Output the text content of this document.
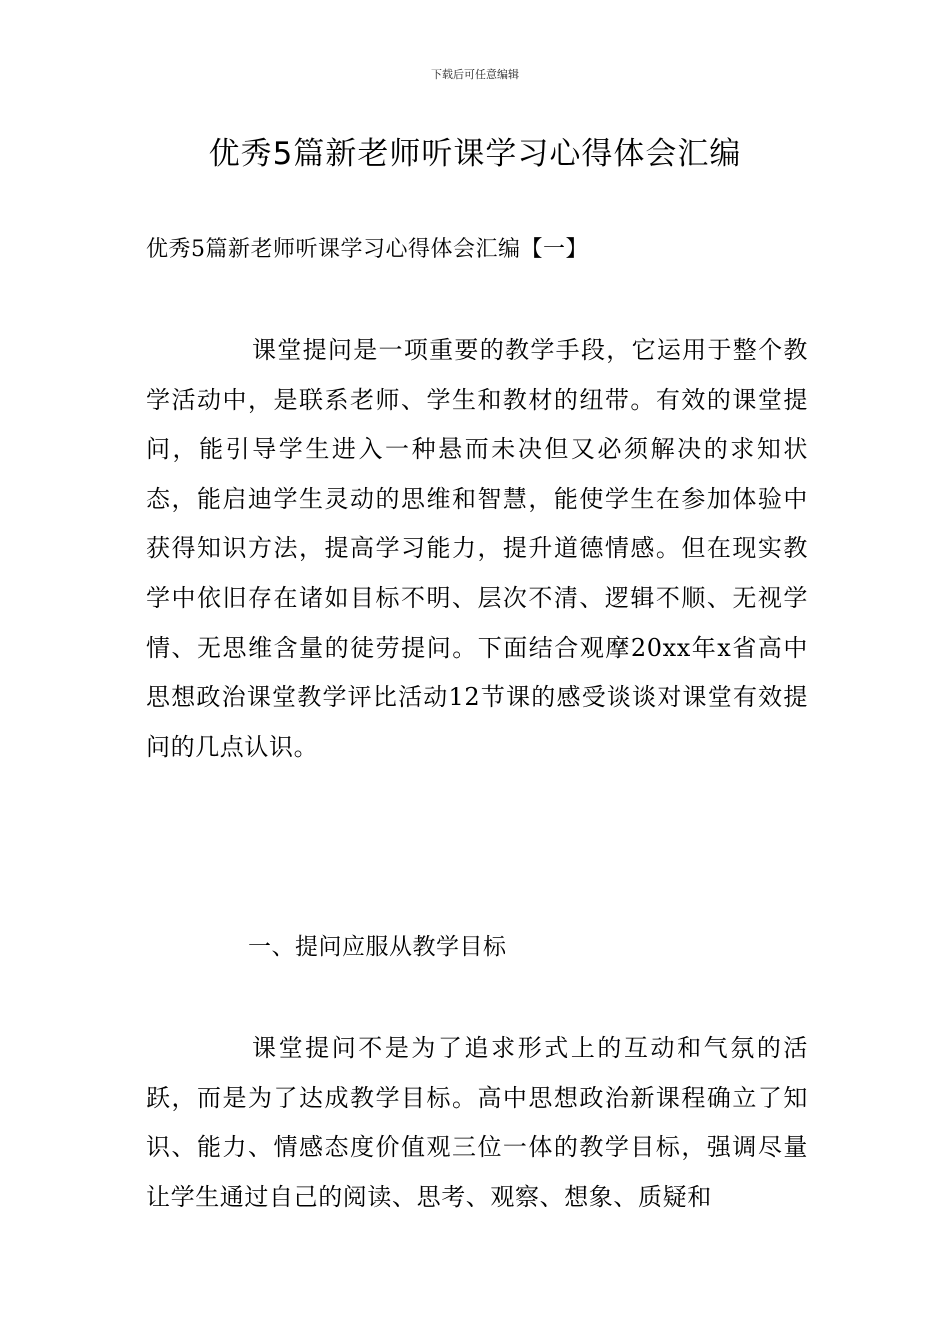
下载后可任意编辑
优秀5篇新老师听课学习心得体会汇编
优秀5篇新老师听课学习心得体会汇编【一】

课堂提问是一项重要的教学手段，它运用于整个教学活动中，是联系老师、学生和教材的纽带。有效的课堂提问，能引导学生进入一种悬而未决但又必须解决的求知状态，能启迪学生灵动的思维和智慧，能使学生在参加体验中获得知识方法，提高学习能力，提升道德情感。但在现实教学中依旧存在诸如目标不明、层次不清、逻辑不顺、无视学情、无思维含量的徒劳提问。下面结合观摩20xx年x省高中思想政治课堂教学评比活动12节课的感受谈谈对课堂有效提问的几点认识。

一、提问应服从教学目标

课堂提问不是为了追求形式上的互动和气氛的活跃，而是为了达成教学目标。高中思想政治新课程确立了知识、能力、情感态度价值观三位一体的教学目标，强调尽量让学生通过自己的阅读、思考、观察、想象、质疑和
